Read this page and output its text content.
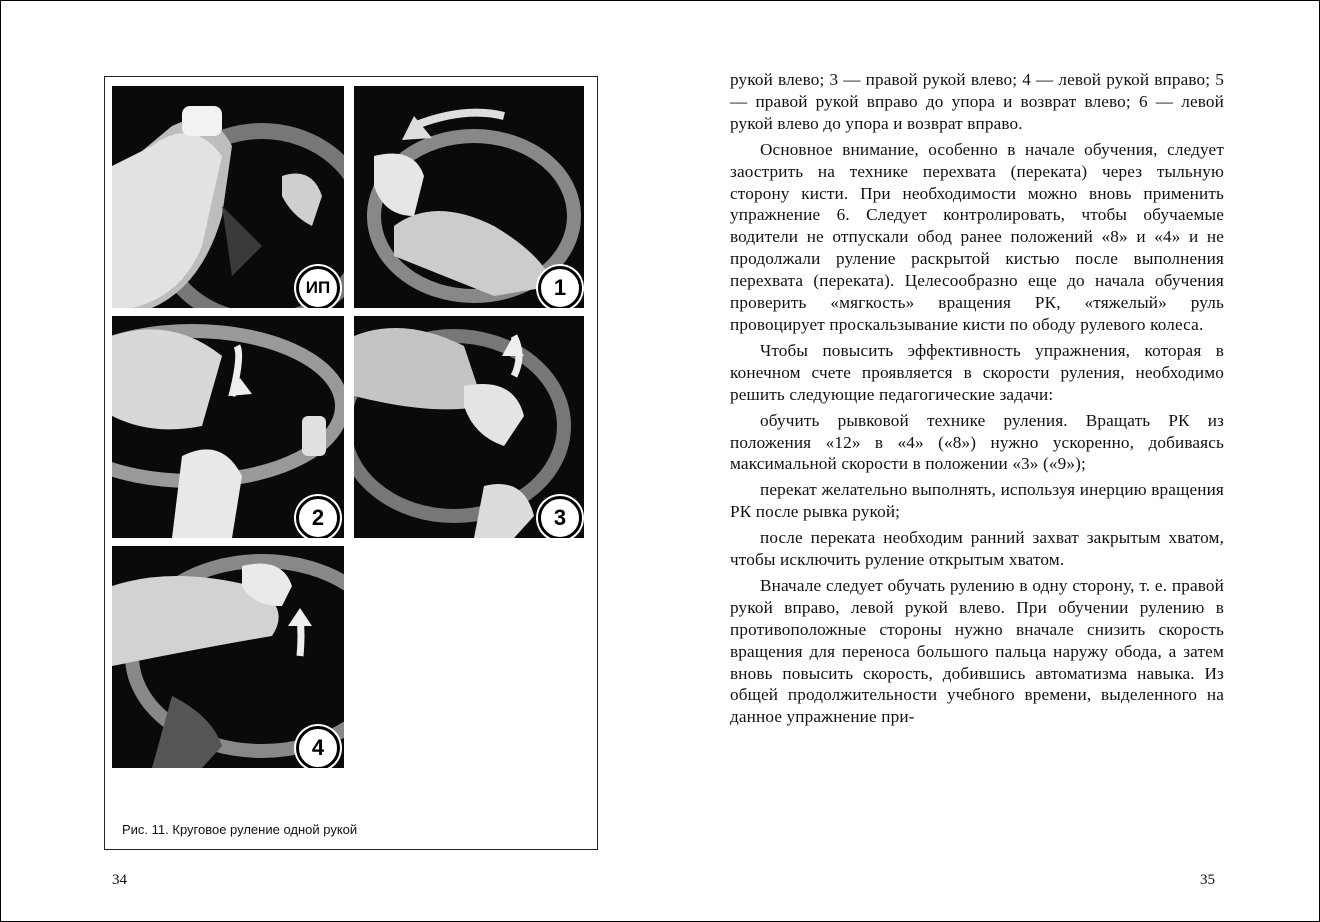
ИП	1
2	3
4
Рис. 11. Круговое руление одной рукой
34

рукой влево; 3 — правой рукой влево; 4 — левой рукой вправо; 5 — правой рукой вправо до упора и возврат влево; 6 — левой рукой влево до упора и возврат вправо.

Основное внимание, особенно в начале обучения, следует заострить на технике перехвата (переката) через тыльную сторону кисти. При необходимости можно вновь применить упражнение 6. Следует контролировать, чтобы обучаемые водители не отпускали обод ранее положений «8» и «4» и не продолжали руление раскрытой кистью после выполнения перехвата (переката). Целесообразно еще до начала обучения проверить «мягкость» вращения РК, «тяжелый» руль провоцирует проскальзывание кисти по ободу рулевого колеса.

Чтобы повысить эффективность упражнения, которая в конечном счете проявляется в скорости руления, необходимо решить следующие педагогические задачи:

обучить рывковой технике руления. Вращать РК из положения «12» в «4» («8») нужно ускоренно, добиваясь максимальной скорости в положении «3» («9»);

перекат желательно выполнять, используя инерцию вращения РК после рывка рукой;

после переката необходим ранний захват закрытым хватом, чтобы исключить руление открытым хватом.

Вначале следует обучать рулению в одну сторону, т. е. правой рукой вправо, левой рукой влево. При обучении рулению в противоположные стороны нужно вначале снизить скорость вращения для переноса большого пальца наружу обода, а затем вновь повысить скорость, добившись автоматизма навыка. Из общей продолжительности учебного времени, выделенного на данное упражнение при-

35
